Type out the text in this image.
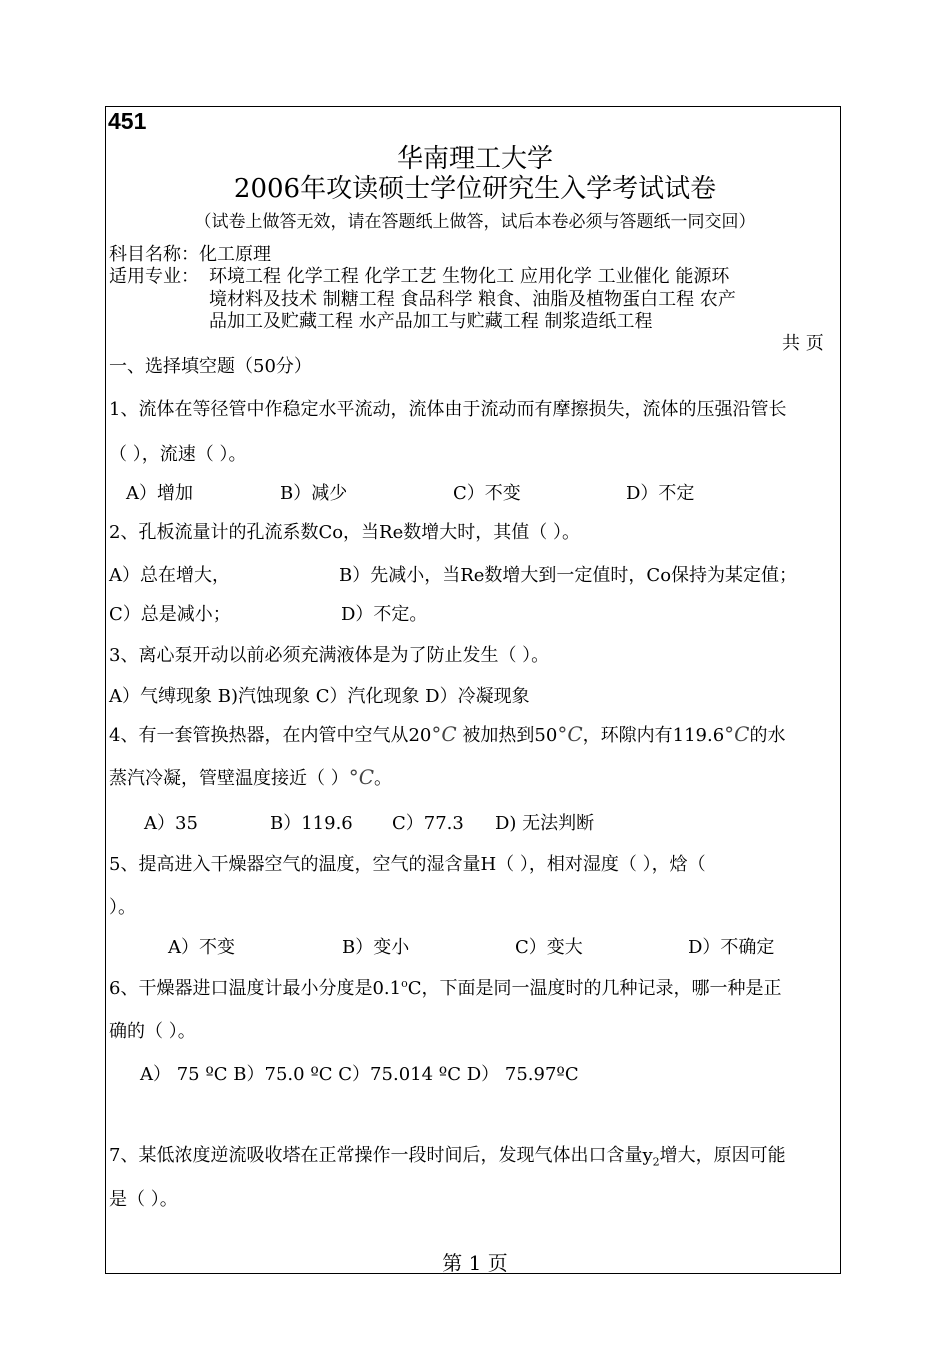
451
华南理工大学
2006年攻读硕士学位研究生入学考试试卷
（试卷上做答无效，请在答题纸上做答，试后本卷必须与答题纸一同交回）
科目名称：化工原理
适用专业： 环境工程 化学工程 化学工艺 生物化工 应用化学 工业催化 能源环
境材料及技术 制糖工程 食品科学 粮食、油脂及植物蛋白工程 农产
品加工及贮藏工程 水产品加工与贮藏工程 制浆造纸工程
共 页
一、选择填空题（50分）
1、流体在等径管中作稳定水平流动，流体由于流动而有摩擦损失，流体的压强沿管长
（ ），流速（ ）。
A）增加	B）减少	C）不变	D）不定
2、孔板流量计的孔流系数Co，当Re数增大时，其值（ ）。
A）总在增大，	B）先减小，当Re数增大到一定值时，Co保持为某定值；
C）总是减小；	D）不定。
3、离心泵开动以前必须充满液体是为了防止发生（ ）。
A）气缚现象 B)汽蚀现象 C）汽化现象 D）冷凝现象
4、有一套管换热器，在内管中空气从20°C 被加热到50°C，环隙内有119.6°C的水
蒸汽冷凝，管壁温度接近（ ）°C。
A）35	B）119.6 C）77.3 D) 无法判断
5、提高进入干燥器空气的温度，空气的湿含量H（ ），相对湿度（ ），焓（
）。
A）不变	B）变小	C）变大	D）不确定
6、干燥器进口温度计最小分度是0.1$^o$C，下面是同一温度时的几种记录，哪一种是正
确的（ ）。
A） 75 ºC B）75.0 ºC C）75.014 ºC D） 75.97ºC
7、某低浓度逆流吸收塔在正常操作一段时间后，发现气体出口含量$y_2$增大，原因可能
是（ ）。
第 1 页
